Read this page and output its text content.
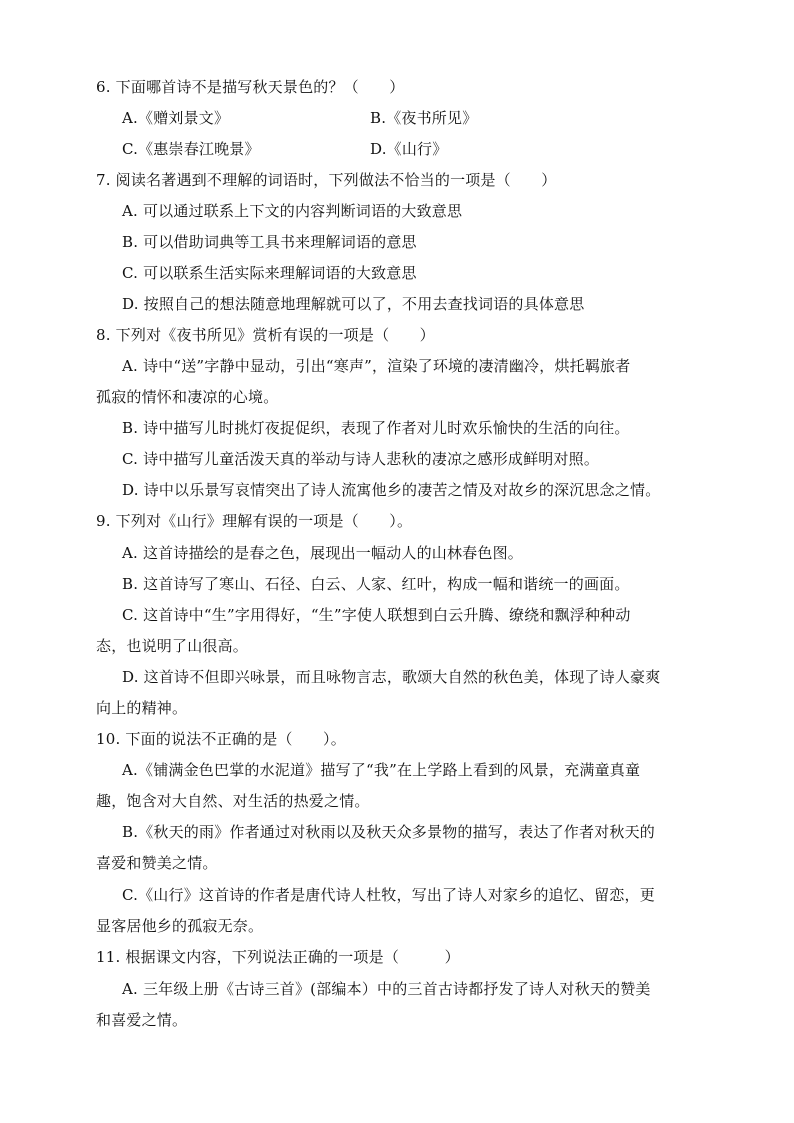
6. 下面哪首诗不是描写秋天景色的？（　　）
A.《赠刘景文》	B.《夜书所见》
C.《惠崇春江晚景》	D.《山行》
7. 阅读名著遇到不理解的词语时，下列做法不恰当的一项是（　　）
A. 可以通过联系上下文的内容判断词语的大致意思
B. 可以借助词典等工具书来理解词语的意思
C. 可以联系生活实际来理解词语的大致意思
D. 按照自己的想法随意地理解就可以了，不用去查找词语的具体意思
8. 下列对《夜书所见》赏析有误的一项是（　　）
A. 诗中“送”字静中显动，引出“寒声”，渲染了环境的凄清幽冷，烘托羁旅者
孤寂的情怀和凄凉的心境。
B. 诗中描写儿时挑灯夜捉促织，表现了作者对儿时欢乐愉快的生活的向往。
C. 诗中描写儿童活泼天真的举动与诗人悲秋的凄凉之感形成鲜明对照。
D. 诗中以乐景写哀情突出了诗人流寓他乡的凄苦之情及对故乡的深沉思念之情。
9. 下列对《山行》理解有误的一项是（　　）。
A. 这首诗描绘的是春之色，展现出一幅动人的山林春色图。
B. 这首诗写了寒山、石径、白云、人家、红叶，构成一幅和谐统一的画面。
C. 这首诗中“生”字用得好，“生”字使人联想到白云升腾、缭绕和飘浮种种动
态，也说明了山很高。
D. 这首诗不但即兴咏景，而且咏物言志，歌颂大自然的秋色美，体现了诗人豪爽
向上的精神。
10. 下面的说法不正确的是（　　）。
A.《铺满金色巴掌的水泥道》描写了“我”在上学路上看到的风景，充满童真童
趣，饱含对大自然、对生活的热爱之情。
B.《秋天的雨》作者通过对秋雨以及秋天众多景物的描写，表达了作者对秋天的
喜爱和赞美之情。
C.《山行》这首诗的作者是唐代诗人杜牧，写出了诗人对家乡的追忆、留恋，更
显客居他乡的孤寂无奈。
11. 根据课文内容，下列说法正确的一项是（　　　）
A. 三年级上册《古诗三首》(部编本）中的三首古诗都抒发了诗人对秋天的赞美
和喜爱之情。
